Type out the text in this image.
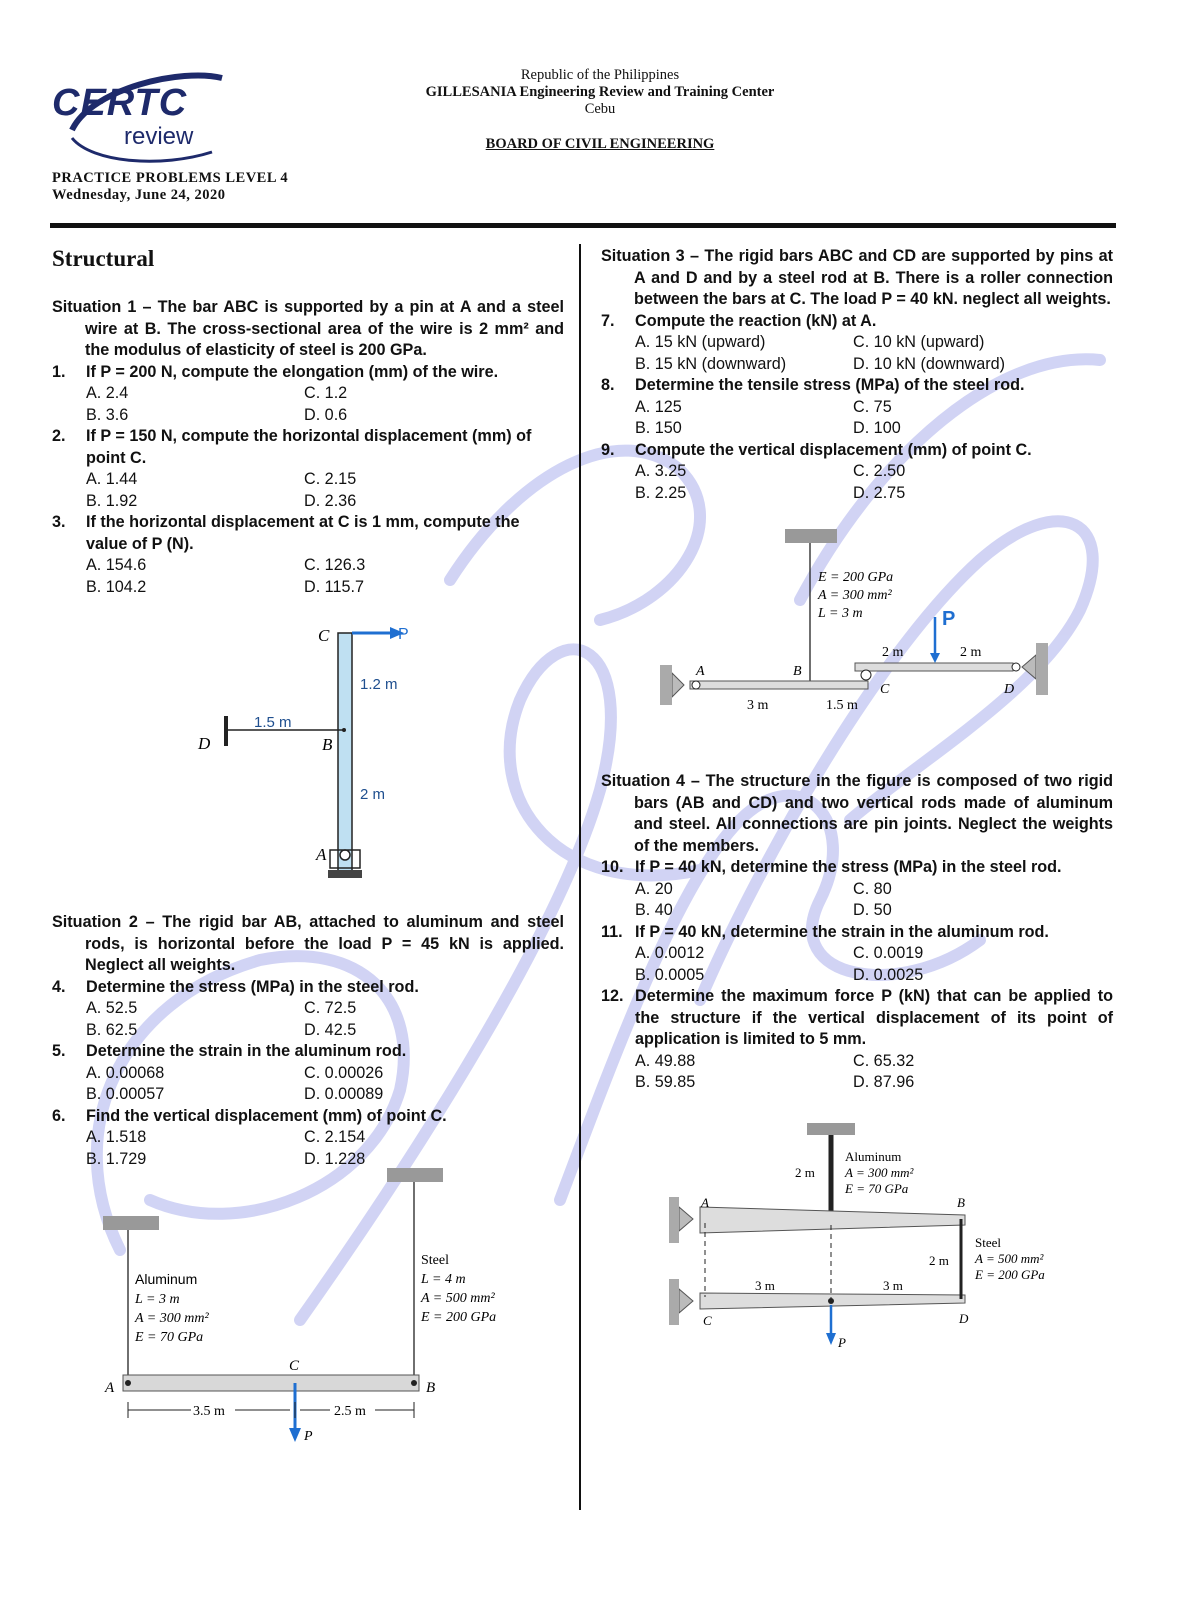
CERTC
review
Republic of the Philippines
GILLESANIA Engineering Review and Training Center
Cebu
BOARD OF CIVIL ENGINEERING
PRACTICE PROBLEMS LEVEL 4
Wednesday, June 24, 2020
Structural
Situation 1 – The bar ABC is supported by a pin at A and a steel wire at B. The cross-sectional area of the wire is 2 mm² and the modulus of elasticity of steel is 200 GPa.
1. If P = 200 N, compute the elongation (mm) of the wire.
A. 2.4	C. 1.2
B. 3.6	D. 0.6
2. If P = 150 N, compute the horizontal displacement (mm) of point C.
A. 1.44	C. 2.15
B. 1.92	D. 2.36
3. If the horizontal displacement at C is 1 mm, compute the value of P (N).
A. 154.6	C. 126.3
B. 104.2	D. 115.7
C	P
1.2 m
1.5 m
D	B
2 m
A
Situation 2 – The rigid bar AB, attached to aluminum and steel rods, is horizontal before the load P = 45 kN is applied. Neglect all weights.
4. Determine the stress (MPa) in the steel rod.
A. 52.5	C. 72.5
B. 62.5	D. 42.5
5. Determine the strain in the aluminum rod.
A. 0.00068	C. 0.00026
B. 0.00057	D. 0.00089
6. Find the vertical displacement (mm) of point C.
A. 1.518	C. 2.154
B. 1.729	D. 1.228
Aluminum
L = 3 m
A = 300 mm²
E = 70 GPa
Steel
L = 4 m
A = 500 mm²
E = 200 GPa
A	B
C
3.5 m	2.5 m
P
Situation 3 – The rigid bars ABC and CD are supported by pins at A and D and by a steel rod at B. There is a roller connection between the bars at C. The load P = 40 kN. neglect all weights.
7. Compute the reaction (kN) at A.
A. 15 kN (upward)	C. 10 kN (upward)
B. 15 kN (downward)	D. 10 kN (downward)
8. Determine the tensile stress (MPa) of the steel rod.
A. 125	C. 75
B. 150	D. 100
9. Compute the vertical displacement (mm) of point C.
A. 3.25	C. 2.50
B. 2.25	D. 2.75
E = 200 GPa
A = 300 mm²
L = 3 m	P
2 m	2 m
A	B
C	D
3 m	1.5 m
Situation 4 – The structure in the figure is composed of two rigid bars (AB and CD) and two vertical rods made of aluminum and steel. All connections are pin joints. Neglect the weights of the members.
10. If P = 40 kN, determine the stress (MPa) in the steel rod.
A. 20	C. 80
B. 40	D. 50
11. If P = 40 kN, determine the strain in the aluminum rod.
A. 0.0012	C. 0.0019
B. 0.0005	D. 0.0025
12. Determine the maximum force P (kN) that can be applied to the structure if the vertical displacement of its point of application is limited to 5 mm.
A. 49.88	C. 65.32
B. 59.85	D. 87.96
2 m
Aluminum
A = 300 mm²
E = 70 GPa
A	B
2 m
Steel
A = 500 mm²
E = 200 GPa
3 m	3 m
C	D
P
